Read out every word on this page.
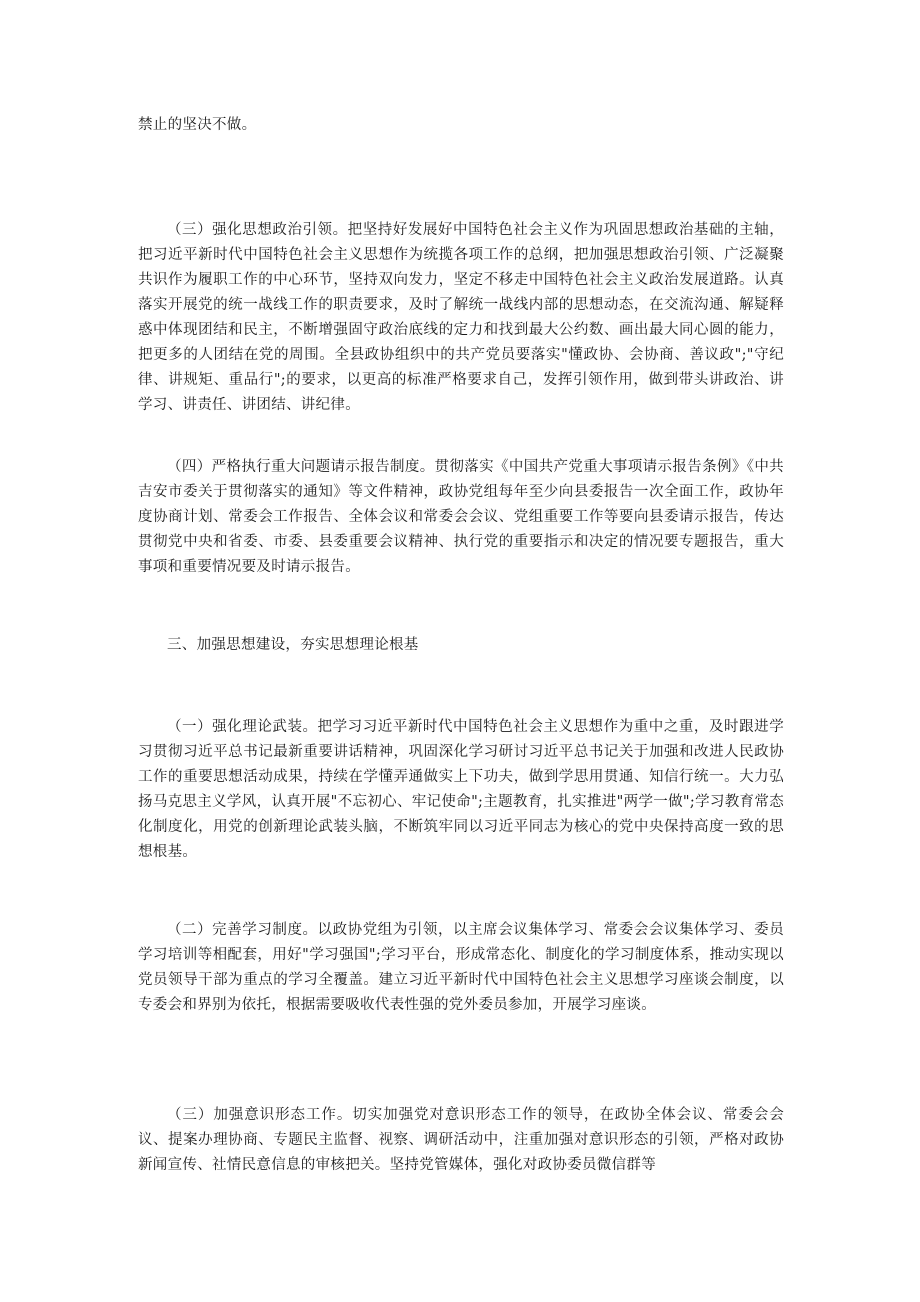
禁止的坚决不做。

（三）强化思想政治引领。把坚持好发展好中国特色社会主义作为巩固思想政治基础的主轴，把习近平新时代中国特色社会主义思想作为统揽各项工作的总纲，把加强思想政治引领、广泛凝聚共识作为履职工作的中心环节，坚持双向发力，坚定不移走中国特色社会主义政治发展道路。认真落实开展党的统一战线工作的职责要求，及时了解统一战线内部的思想动态，在交流沟通、解疑释惑中体现团结和民主，不断增强固守政治底线的定力和找到最大公约数、画出最大同心圆的能力，把更多的人团结在党的周围。全县政协组织中的共产党员要落实"懂政协、会协商、善议政";"守纪律、讲规矩、重品行";的要求，以更高的标准严格要求自己，发挥引领作用，做到带头讲政治、讲学习、讲责任、讲团结、讲纪律。

（四）严格执行重大问题请示报告制度。贯彻落实《中国共产党重大事项请示报告条例》《中共吉安市委关于贯彻落实的通知》等文件精神，政协党组每年至少向县委报告一次全面工作，政协年度协商计划、常委会工作报告、全体会议和常委会会议、党组重要工作等要向县委请示报告，传达贯彻党中央和省委、市委、县委重要会议精神、执行党的重要指示和决定的情况要专题报告，重大事项和重要情况要及时请示报告。

三、加强思想建设，夯实思想理论根基

（一）强化理论武装。把学习习近平新时代中国特色社会主义思想作为重中之重，及时跟进学习贯彻习近平总书记最新重要讲话精神，巩固深化学习研讨习近平总书记关于加强和改进人民政协工作的重要思想活动成果，持续在学懂弄通做实上下功夫，做到学思用贯通、知信行统一。大力弘扬马克思主义学风，认真开展"不忘初心、牢记使命";主题教育，扎实推进"两学一做";学习教育常态化制度化，用党的创新理论武装头脑，不断筑牢同以习近平同志为核心的党中央保持高度一致的思想根基。

（二）完善学习制度。以政协党组为引领，以主席会议集体学习、常委会会议集体学习、委员学习培训等相配套，用好"学习强国";学习平台，形成常态化、制度化的学习制度体系，推动实现以党员领导干部为重点的学习全覆盖。建立习近平新时代中国特色社会主义思想学习座谈会制度，以专委会和界别为依托，根据需要吸收代表性强的党外委员参加，开展学习座谈。

（三）加强意识形态工作。切实加强党对意识形态工作的领导，在政协全体会议、常委会会议、提案办理协商、专题民主监督、视察、调研活动中，注重加强对意识形态的引领，严格对政协新闻宣传、社情民意信息的审核把关。坚持党管媒体，强化对政协委员微信群等
